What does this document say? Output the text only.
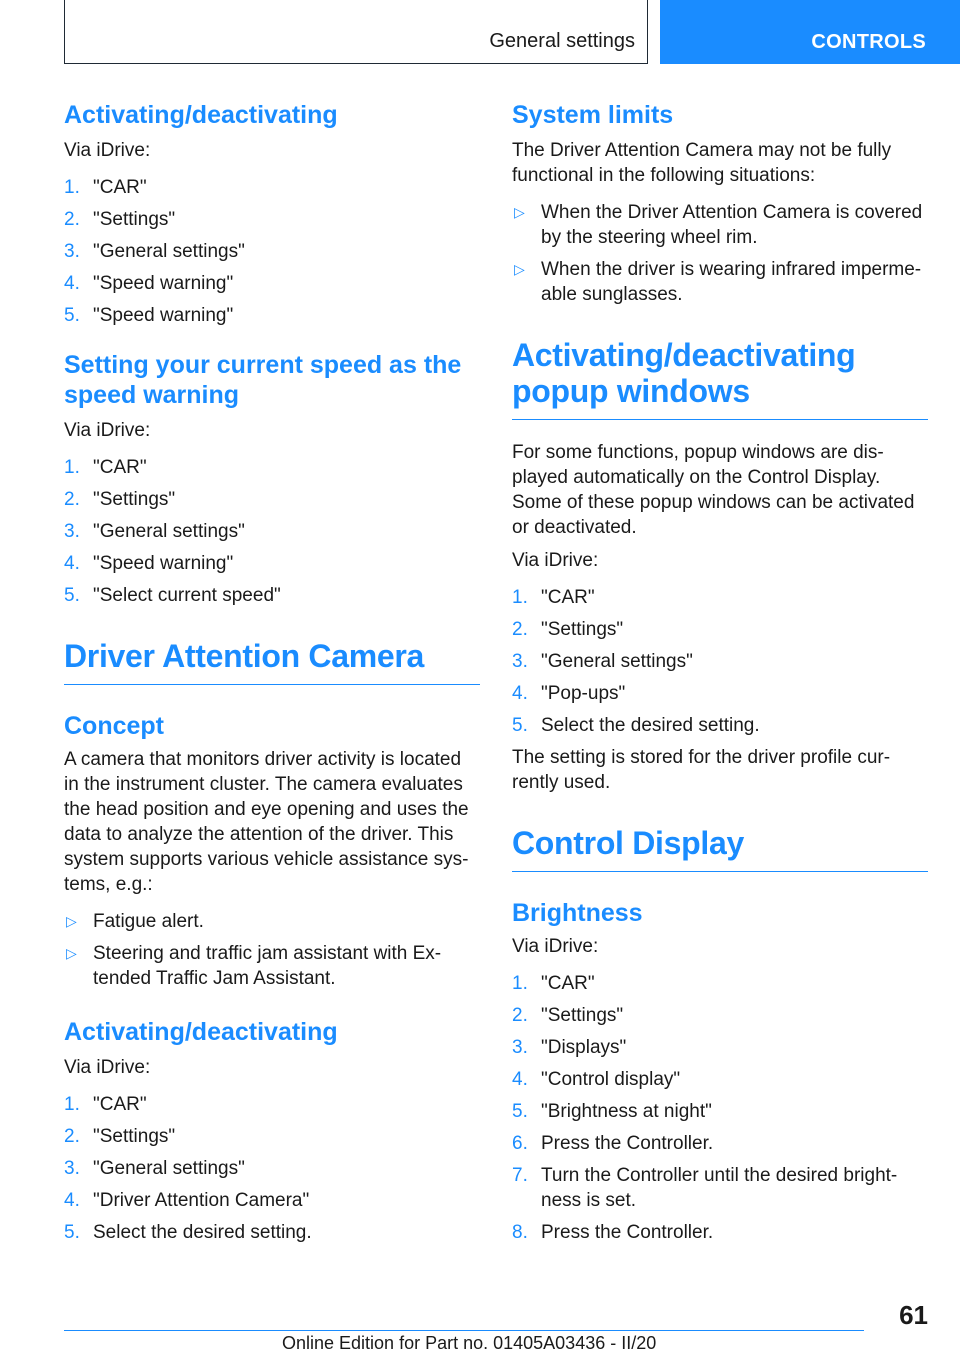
General settings	CONTROLS
Activating/deactivating

Via iDrive:

1. "CAR"
2. "Settings"
3. "General settings"
4. "Speed warning"
5. "Speed warning"
Setting your current speed as the speed warning

Via iDrive:

1. "CAR"
2. "Settings"
3. "General settings"
4. "Speed warning"
5. "Select current speed"
Driver Attention Camera
Concept

A camera that monitors driver activity is located in the instrument cluster. The camera evaluates the head position and eye opening and uses the data to analyze the attention of the driver. This system supports various vehicle assistance sys‐tems, e.g.:

▷ Fatigue alert.
▷ Steering and traffic jam assistant with Ex‐tended Traffic Jam Assistant.
Activating/deactivating

Via iDrive:

1. "CAR"
2. "Settings"
3. "General settings"
4. "Driver Attention Camera"
5. Select the desired setting.
System limits

The Driver Attention Camera may not be fully functional in the following situations:

▷ When the Driver Attention Camera is covered by the steering wheel rim.
▷ When the driver is wearing infrared imperme‐able sunglasses.
Activating/deactivating popup windows

For some functions, popup windows are dis‐played automatically on the Control Display. Some of these popup windows can be activated or deactivated.

Via iDrive:

1. "CAR"
2. "Settings"
3. "General settings"
4. "Pop-ups"
5. Select the desired setting.

The setting is stored for the driver profile cur‐rently used.

Control Display
Brightness

Via iDrive:

1. "CAR"
2. "Settings"
3. "Displays"
4. "Control display"
5. "Brightness at night"
6. Press the Controller.
7. Turn the Controller until the desired bright‐ness is set.
8. Press the Controller.
61
Online Edition for Part no. 01405A03436 - II/20
